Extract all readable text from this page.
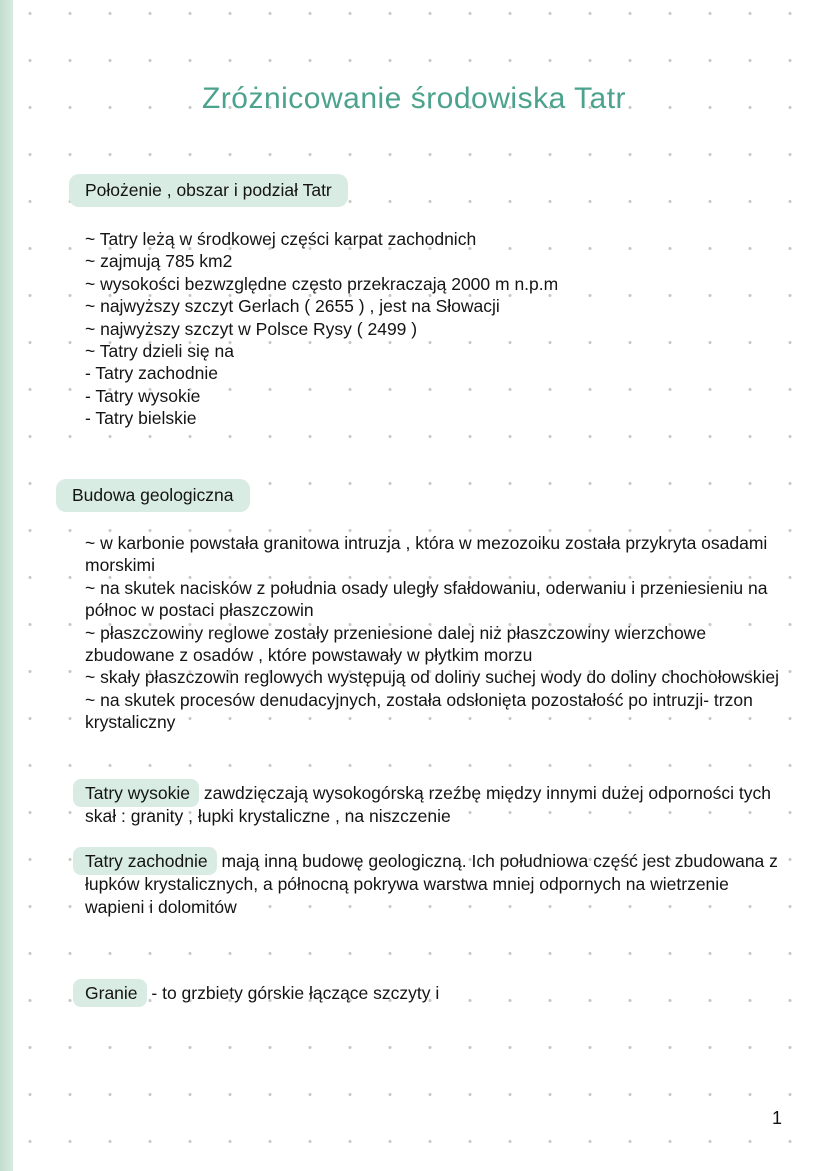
Zróżnicowanie środowiska Tatr
Położenie , obszar i podział Tatr

~ Tatry leżą w środkowej części karpat zachodnich

~ zajmują 785 km2

~ wysokości bezwzględne często przekraczają 2000 m n.p.m

~ najwyższy szczyt Gerlach ( 2655 ) , jest na Słowacji

~ najwyższy szczyt w Polsce Rysy ( 2499 )

~ Tatry dzieli się na

- Tatry zachodnie

- Tatry wysokie

- Tatry bielskie

Budowa geologiczna

~ w karbonie powstała granitowa intruzja , która w mezozoiku została przykryta osadami morskimi

~ na skutek nacisków z południa osady uległy sfałdowaniu, oderwaniu i przeniesieniu na północ w postaci płaszczowin

~ płaszczowiny reglowe zostały przeniesione dalej niż płaszczowiny wierzchowe zbudowane z osadów , które powstawały w płytkim morzu

~ skały płaszczowin reglowych występują od doliny suchej wody do doliny chochołowskiej

~ na skutek procesów denudacyjnych, została odsłonięta pozostałość po intruzji- trzon krystaliczny

Tatry wysokie zawdzięczają wysokogórską rzeźbę między innymi dużej odporności tych skał : granity , łupki krystaliczne , na niszczenie

Tatry zachodnie mają inną budowę geologiczną. Ich południowa część jest zbudowana z łupków krystalicznych, a północną pokrywa warstwa mniej odpornych na wietrzenie wapieni i dolomitów

Granie - to grzbiety górskie łączące szczyty i

1
